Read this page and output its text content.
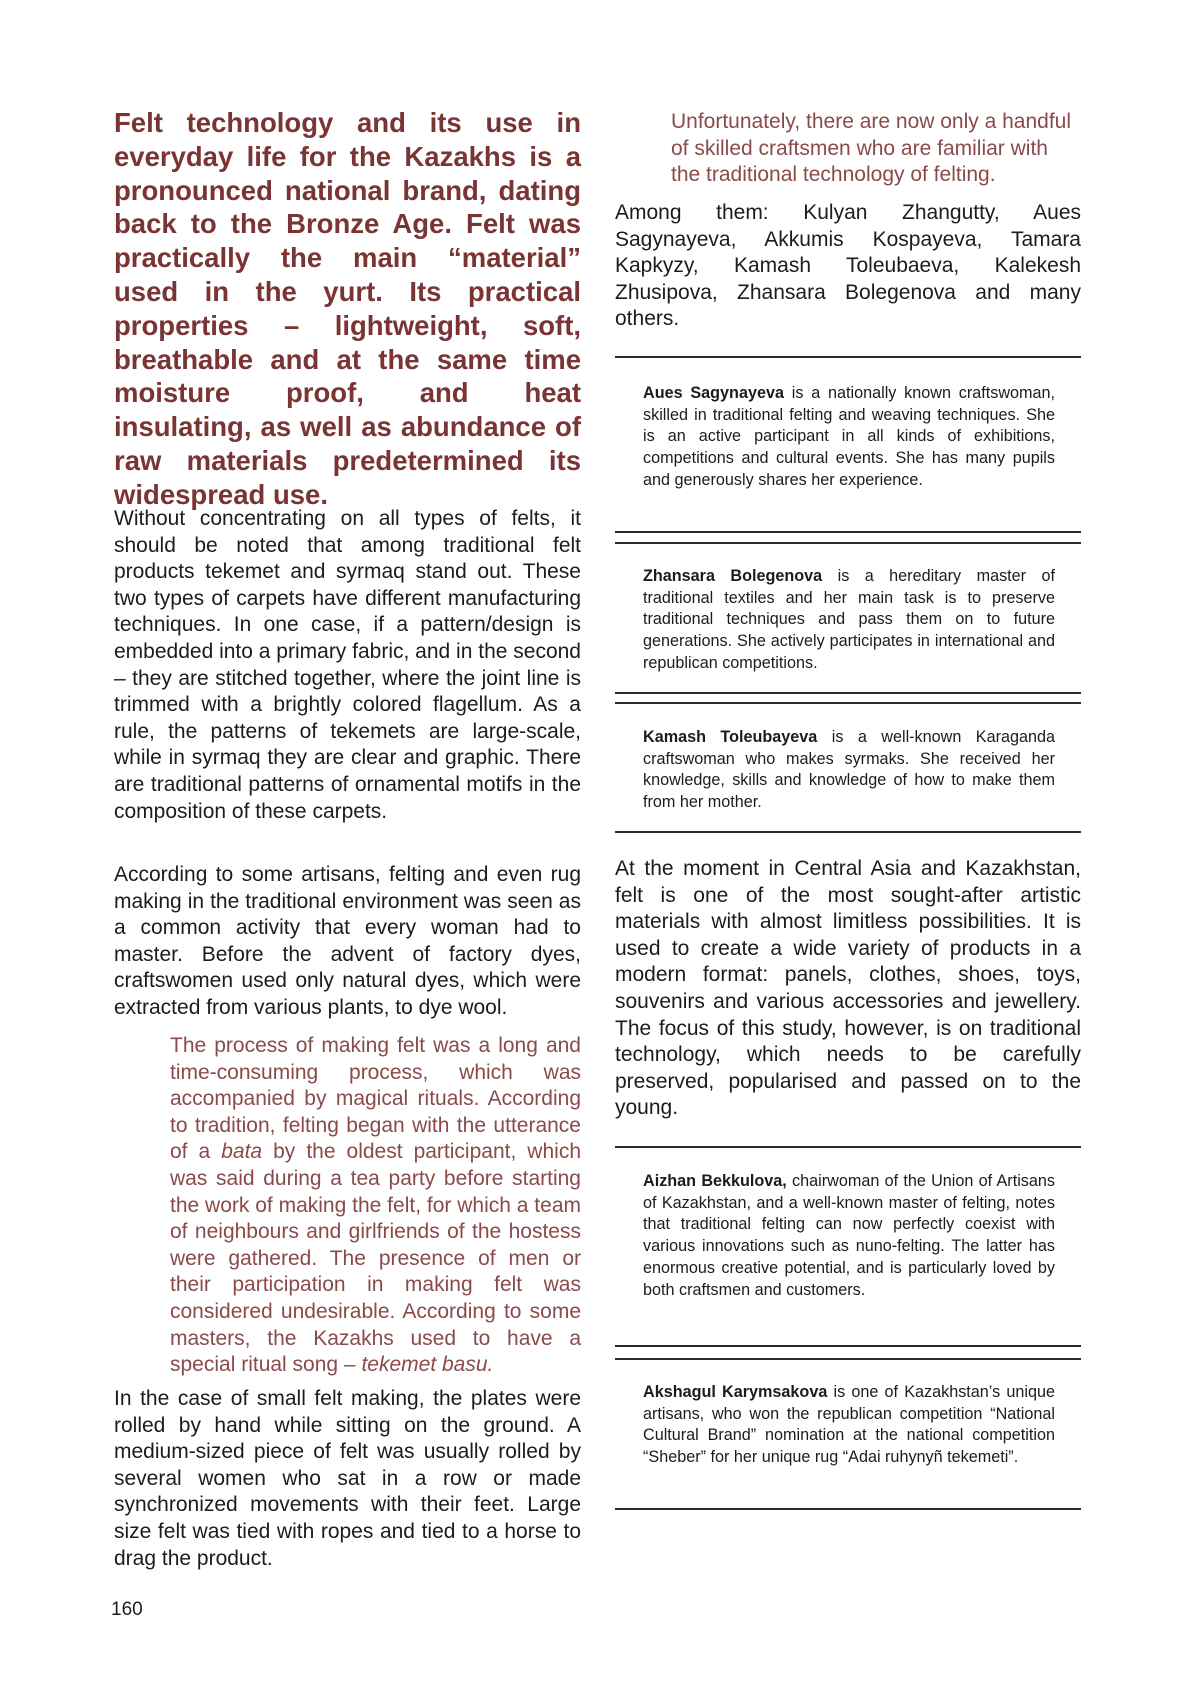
Felt technology and its use in everyday life for the Kazakhs is a pronounced national brand, dating back to the Bronze Age. Felt was practically the main “material” used in the yurt. Its practical properties – lightweight, soft, breathable and at the same time moisture proof, and heat insulating, as well as abundance of raw materials predetermined its widespread use.

Without concentrating on all types of felts, it should be noted that among traditional felt products tekemet and syrmaq stand out. These two types of carpets have different manufacturing techniques. In one case, if a pattern/design is embedded into a primary fabric, and in the second – they are stitched together, where the joint line is trimmed with a brightly colored flagellum. As a rule, the patterns of tekemets are large-scale, while in syrmaq they are clear and graphic. There are traditional patterns of ornamental motifs in the composition of these carpets.

According to some artisans, felting and even rug making in the traditional environment was seen as a common activity that every woman had to master. Before the advent of factory dyes, craftswomen used only natural dyes, which were extracted from various plants, to dye wool.

The process of making felt was a long and time-consuming process, which was accompanied by magical rituals. According to tradition, felting began with the utterance of a bata by the oldest participant, which was said during a tea party before starting the work of making the felt, for which a team of neighbours and girlfriends of the hostess were gathered. The presence of men or their participation in making felt was considered undesirable. According to some masters, the Kazakhs used to have a special ritual song – tekemet basu.

In the case of small felt making, the plates were rolled by hand while sitting on the ground. A medium-sized piece of felt was usually rolled by several women who sat in a row or made synchronized movements with their feet. Large size felt was tied with ropes and tied to a horse to drag the product.

Unfortunately, there are now only a handful of skilled craftsmen who are familiar with the traditional technology of felting.

Among them: Kulyan Zhangutty, Aues Sagynayeva, Akkumis Kospayeva, Tamara Kapkyzy, Kamash Toleubaeva, Kalekesh Zhusipova, Zhansara Bolegenova and many others.

Aues Sagynayeva is a nationally known craftswoman, skilled in traditional felting and weaving techniques. She is an active participant in all kinds of exhibitions, competitions and cultural events. She has many pupils and generously shares her experience.

Zhansara Bolegenova is a hereditary master of traditional textiles and her main task is to preserve traditional techniques and pass them on to future generations. She actively participates in international and republican competitions.

Kamash Toleubayeva is a well-known Karaganda craftswoman who makes syrmaks. She received her knowledge, skills and knowledge of how to make them from her mother.

At the moment in Central Asia and Kazakhstan, felt is one of the most sought-after artistic materials with almost limitless possibilities. It is used to create a wide variety of products in a modern format: panels, clothes, shoes, toys, souvenirs and various accessories and jewellery. The focus of this study, however, is on traditional technology, which needs to be carefully preserved, popularised and passed on to the young.

Aizhan Bekkulova, chairwoman of the Union of Artisans of Kazakhstan, and a well-known master of felting, notes that traditional felting can now perfectly coexist with various innovations such as nuno-felting. The latter has enormous creative potential, and is particularly loved by both craftsmen and customers.

Akshagul Karymsakova is one of Kazakhstan’s unique artisans, who won the republican competition “National Cultural Brand” nomination at the national competition “Sheber” for her unique rug “Adai ruhynyñ tekemeti”.

160
